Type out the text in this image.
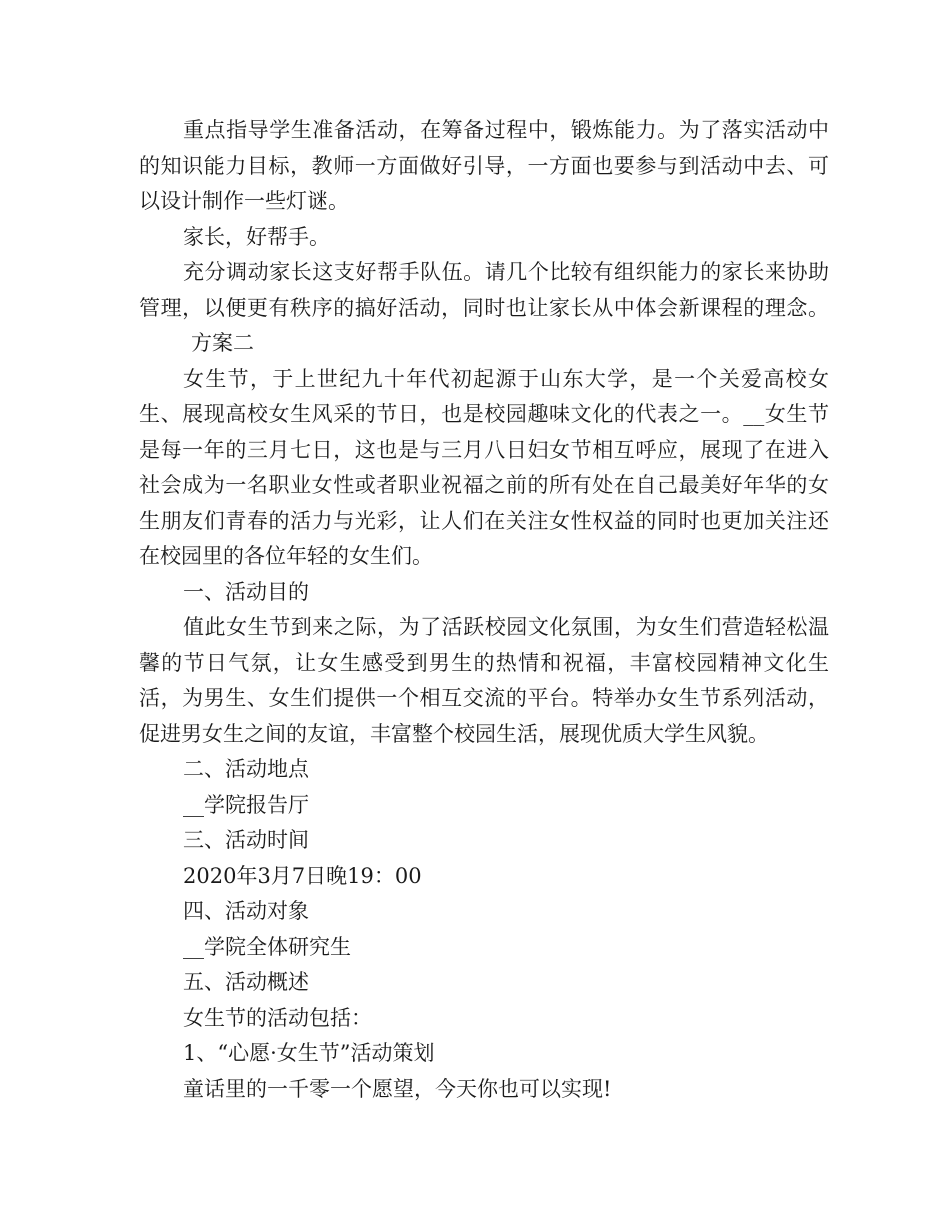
重点指导学生准备活动，在筹备过程中，锻炼能力。为了落实活动中的知识能力目标，教师一方面做好引导，一方面也要参与到活动中去、可以设计制作一些灯谜。

家长，好帮手。

充分调动家长这支好帮手队伍。请几个比较有组织能力的家长来协助管理，以便更有秩序的搞好活动，同时也让家长从中体会新课程的理念。方案二

女生节，于上世纪九十年代初起源于山东大学，是一个关爱高校女生、展现高校女生风采的节日，也是校园趣味文化的代表之一。__女生节是每一年的三月七日，这也是与三月八日妇女节相互呼应，展现了在进入社会成为一名职业女性或者职业祝福之前的所有处在自己最美好年华的女生朋友们青春的活力与光彩，让人们在关注女性权益的同时也更加关注还在校园里的各位年轻的女生们。

一、活动目的

值此女生节到来之际，为了活跃校园文化氛围，为女生们营造轻松温馨的节日气氛，让女生感受到男生的热情和祝福，丰富校园精神文化生活，为男生、女生们提供一个相互交流的平台。特举办女生节系列活动，促进男女生之间的友谊，丰富整个校园生活，展现优质大学生风貌。

二、活动地点

__学院报告厅

三、活动时间

2020年3月7日晚19：00

四、活动对象

__学院全体研究生

五、活动概述

女生节的活动包括：

1、“心愿·女生节”活动策划

童话里的一千零一个愿望，今天你也可以实现!
